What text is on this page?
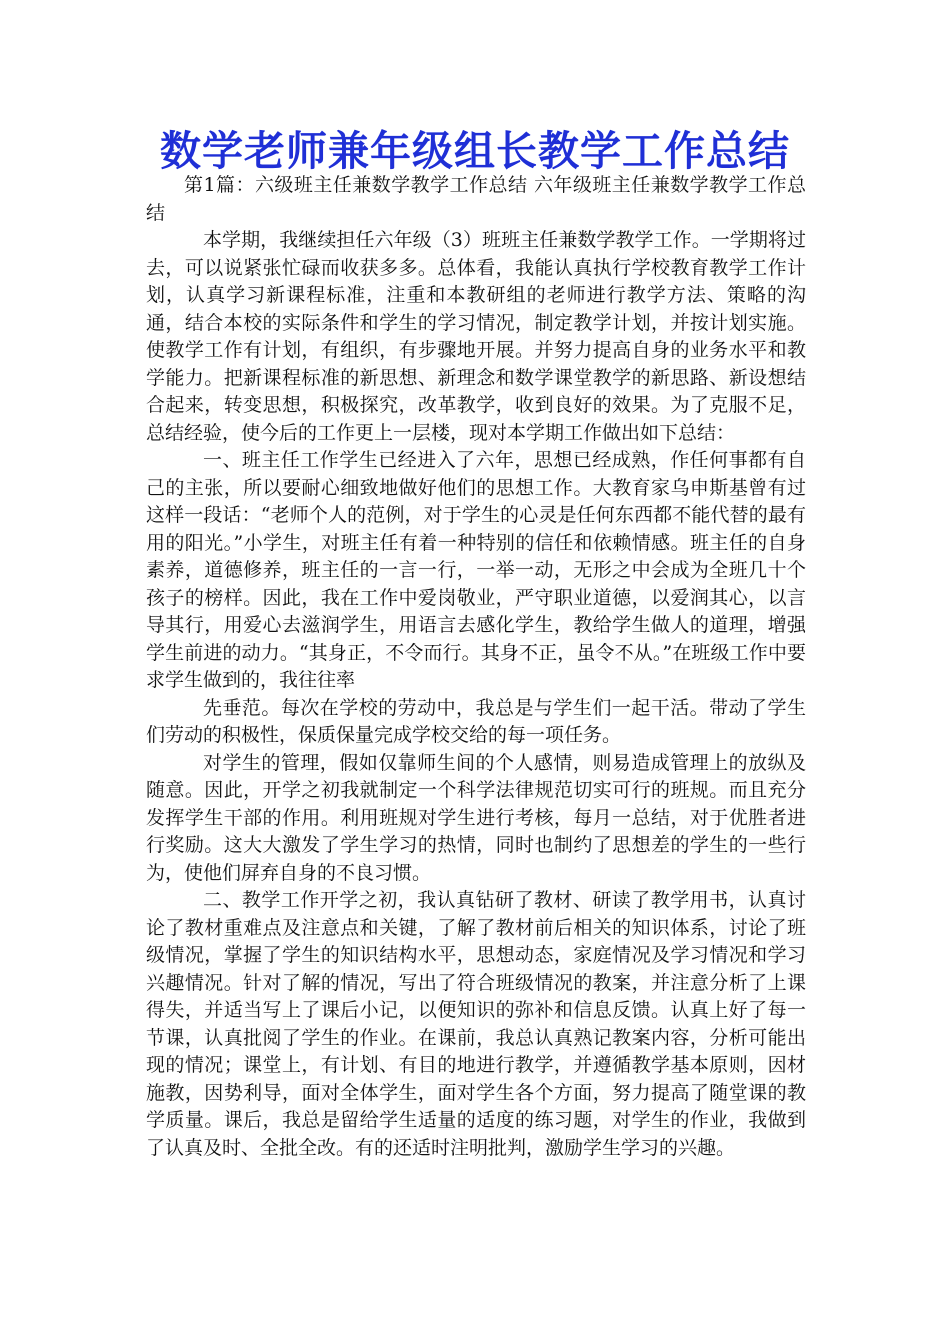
数学老师兼年级组长教学工作总结

第1篇：六级班主任兼数学教学工作总结 六年级班主任兼数学教学工作总结

本学期，我继续担任六年级（3）班班主任兼数学教学工作。一学期将过去，可以说紧张忙碌而收获多多。总体看，我能认真执行学校教育教学工作计划，认真学习新课程标准，注重和本教研组的老师进行教学方法、策略的沟通，结合本校的实际条件和学生的学习情况，制定教学计划，并按计划实施。使教学工作有计划，有组织，有步骤地开展。并努力提高自身的业务水平和教学能力。把新课程标准的新思想、新理念和数学课堂教学的新思路、新设想结合起来，转变思想，积极探究，改革教学，收到良好的效果。为了克服不足，总结经验，使今后的工作更上一层楼，现对本学期工作做出如下总结：

一、班主任工作学生已经进入了六年，思想已经成熟，作任何事都有自己的主张，所以要耐心细致地做好他们的思想工作。大教育家乌申斯基曾有过这样一段话：“老师个人的范例，对于学生的心灵是任何东西都不能代替的最有用的阳光。”小学生，对班主任有着一种特别的信任和依赖情感。班主任的自身素养，道德修养，班主任的一言一行，一举一动，无形之中会成为全班几十个孩子的榜样。因此，我在工作中爱岗敬业，严守职业道德，以爱润其心，以言导其行，用爱心去滋润学生，用语言去感化学生，教给学生做人的道理，增强学生前进的动力。“其身正，不令而行。其身不正，虽令不从。”在班级工作中要求学生做到的，我往往率

先垂范。每次在学校的劳动中，我总是与学生们一起干活。带动了学生们劳动的积极性，保质保量完成学校交给的每一项任务。

对学生的管理，假如仅靠师生间的个人感情，则易造成管理上的放纵及随意。因此，开学之初我就制定一个科学法律规范切实可行的班规。而且充分发挥学生干部的作用。利用班规对学生进行考核，每月一总结，对于优胜者进行奖励。这大大激发了学生学习的热情，同时也制约了思想差的学生的一些行为，使他们屏弃自身的不良习惯。

二、教学工作开学之初，我认真钻研了教材、研读了教学用书，认真讨论了教材重难点及注意点和关键，了解了教材前后相关的知识体系，讨论了班级情况，掌握了学生的知识结构水平，思想动态，家庭情况及学习情况和学习兴趣情况。针对了解的情况，写出了符合班级情况的教案，并注意分析了上课得失，并适当写上了课后小记，以便知识的弥补和信息反馈。认真上好了每一节课，认真批阅了学生的作业。在课前，我总认真熟记教案内容，分析可能出现的情况；课堂上，有计划、有目的地进行教学，并遵循教学基本原则，因材施教，因势利导，面对全体学生，面对学生各个方面，努力提高了随堂课的教学质量。课后，我总是留给学生适量的适度的练习题，对学生的作业，我做到了认真及时、全批全改。有的还适时注明批判，激励学生学习的兴趣。
